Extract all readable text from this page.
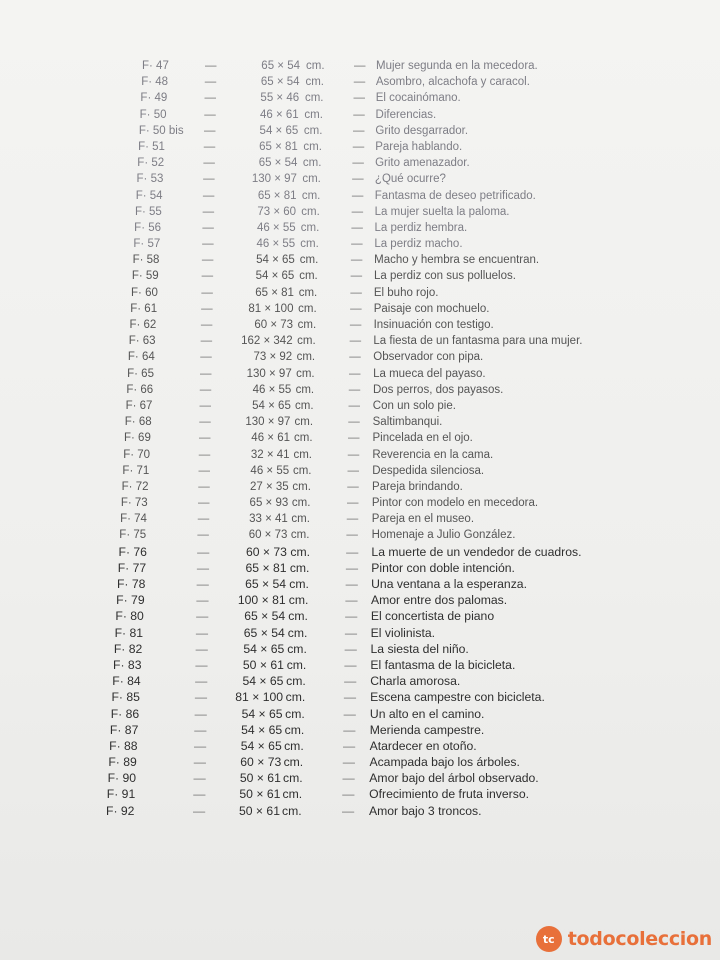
F· 47	—	65 × 54 cm.	— Mujer segunda en la mecedora.
F· 48	—	65 × 54 cm.	— Asombro, alcachofa y caracol.
F· 49	—	55 × 46 cm.	— El cocainómano.
F· 50	—	46 × 61 cm.	— Diferencias.
F· 50 bis —	54 × 65 cm.	— Grito desgarrador.
F· 51	—	65 × 81 cm.	— Pareja hablando.
F· 52	—	65 × 54 cm.	— Grito amenazador.
F· 53	—	130 × 97 cm.	— ¿Qué ocurre?
F· 54	—	65 × 81 cm.	— Fantasma de deseo petrificado.
F· 55	—	73 × 60 cm.	— La mujer suelta la paloma.
F· 56	—	46 × 55 cm.	— La perdiz hembra.
F· 57	—	46 × 55 cm.	— La perdiz macho.
F· 58	—	54 × 65 cm.	— Macho y hembra se encuentran.
F· 59	—	54 × 65 cm.	— La perdiz con sus polluelos.
F· 60	—	65 × 81 cm.	— El buho rojo.
F· 61	—	81 × 100 cm.	— Paisaje con mochuelo.
F· 62	—	60 × 73 cm.	— Insinuación con testigo.
F· 63	—	162 × 342 cm.	— La fiesta de un fantasma para una mujer.
F· 64	—	73 × 92 cm.	— Observador con pipa.
F· 65	—	130 × 97 cm.	— La mueca del payaso.
F· 66	—	46 × 55 cm.	— Dos perros, dos payasos.
F· 67	—	54 × 65 cm.	— Con un solo pie.
F· 68	—	130 × 97 cm.	— Saltimbanqui.
F· 69	—	46 × 61 cm.	— Pincelada en el ojo.
F· 70	—	32 × 41 cm.	— Reverencia en la cama.
F· 71	—	46 × 55 cm.	— Despedida silenciosa.
F· 72	—	27 × 35 cm.	— Pareja brindando.
F· 73	—	65 × 93 cm.	— Pintor con modelo en mecedora.
F· 74	—	33 × 41 cm.	— Pareja en el museo.
F· 75	—	60 × 73 cm.	— Homenaje a Julio González.
F· 76	—	60 × 73 cm.	— La muerte de un vendedor de cuadros.
F· 77	—	65 × 81 cm.	— Pintor con doble intención.
F· 78	—	65 × 54 cm.	— Una ventana a la esperanza.
F· 79	—	100 × 81 cm.	— Amor entre dos palomas.
F· 80	—	65 × 54 cm.	— El concertista de piano
F· 81	—	65 × 54 cm.	— El violinista.
F· 82	—	54 × 65 cm.	— La siesta del niño.
F· 83	—	50 × 61 cm.	— El fantasma de la bicicleta.
F· 84	—	54 × 65 cm.	— Charla amorosa.
F· 85	—	81 × 100 cm.	— Escena campestre con bicicleta.
F· 86	—	54 × 65 cm.	— Un alto en el camino.
F· 87	—	54 × 65 cm.	— Merienda campestre.
F· 88	—	54 × 65 cm.	— Atardecer en otoño.
F· 89	—	60 × 73 cm.	— Acampada bajo los árboles.
F· 90	—	50 × 61 cm.	— Amor bajo del árbol observado.
F· 91	—	50 × 61 cm.	— Ofrecimiento de fruta inverso.
F· 92	—	50 × 61 cm.	— Amor bajo 3 troncos.
tc todocoleccion
